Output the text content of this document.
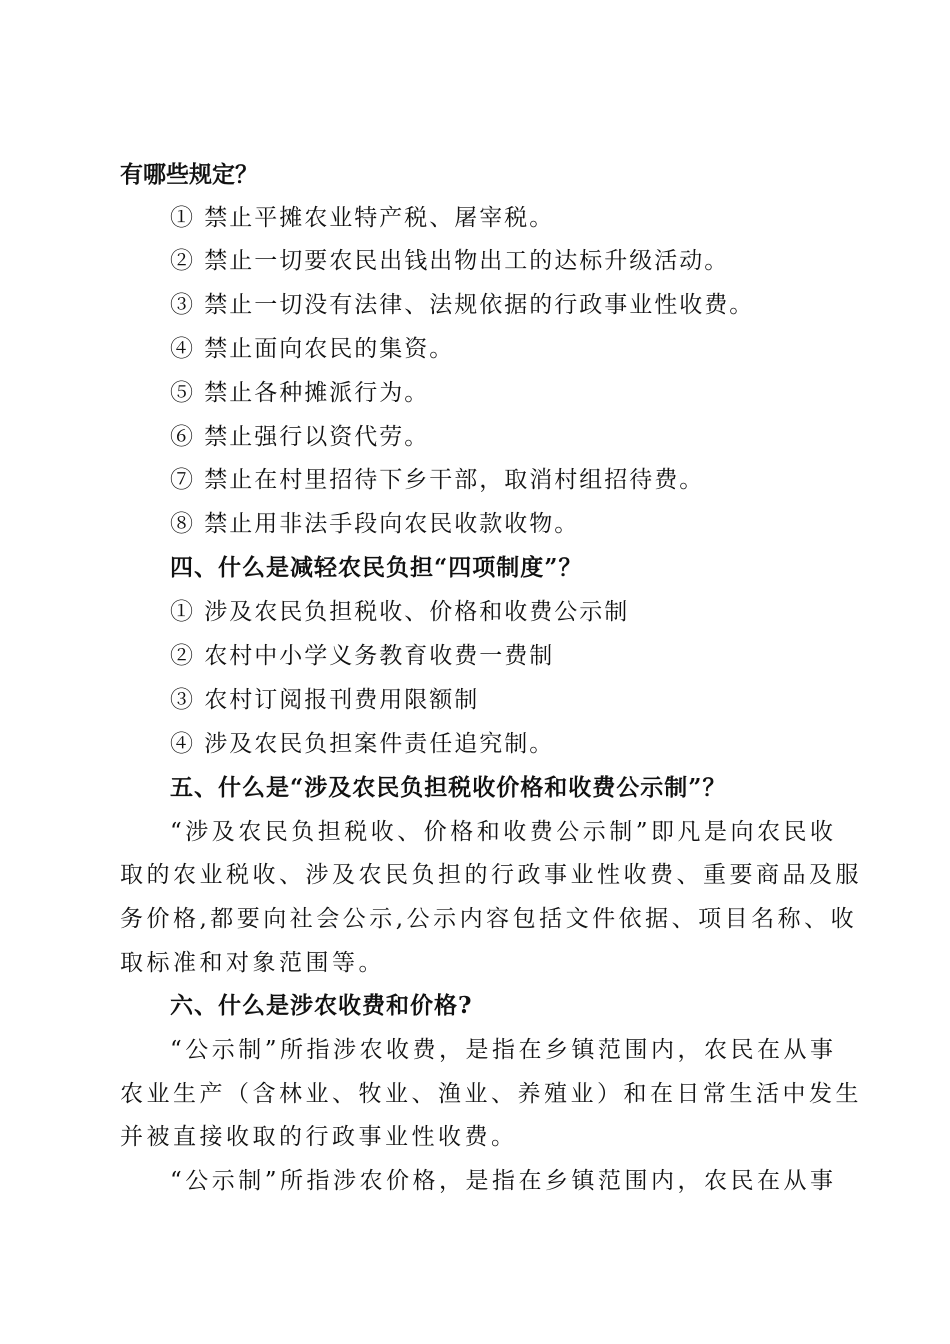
有哪些规定？
① 禁止平摊农业特产税、屠宰税。
② 禁止一切要农民出钱出物出工的达标升级活动。
③ 禁止一切没有法律、法规依据的行政事业性收费。
④ 禁止面向农民的集资。
⑤ 禁止各种摊派行为。
⑥ 禁止强行以资代劳。
⑦ 禁止在村里招待下乡干部，取消村组招待费。
⑧ 禁止用非法手段向农民收款收物。
四、什么是减轻农民负担“四项制度”？
① 涉及农民负担税收、价格和收费公示制
② 农村中小学义务教育收费一费制
③ 农村订阅报刊费用限额制
④ 涉及农民负担案件责任追究制。
五、什么是“涉及农民负担税收价格和收费公示制”？
“涉及农民负担税收、价格和收费公示制”即凡是向农民收
取的农业税收、涉及农民负担的行政事业性收费、重要商品及服
务价格,都要向社会公示,公示内容包括文件依据、项目名称、收
取标准和对象范围等。
六、什么是涉农收费和价格?
“公示制”所指涉农收费，是指在乡镇范围内，农民在从事
农业生产（含林业、牧业、渔业、养殖业）和在日常生活中发生
并被直接收取的行政事业性收费。
“公示制”所指涉农价格，是指在乡镇范围内，农民在从事
